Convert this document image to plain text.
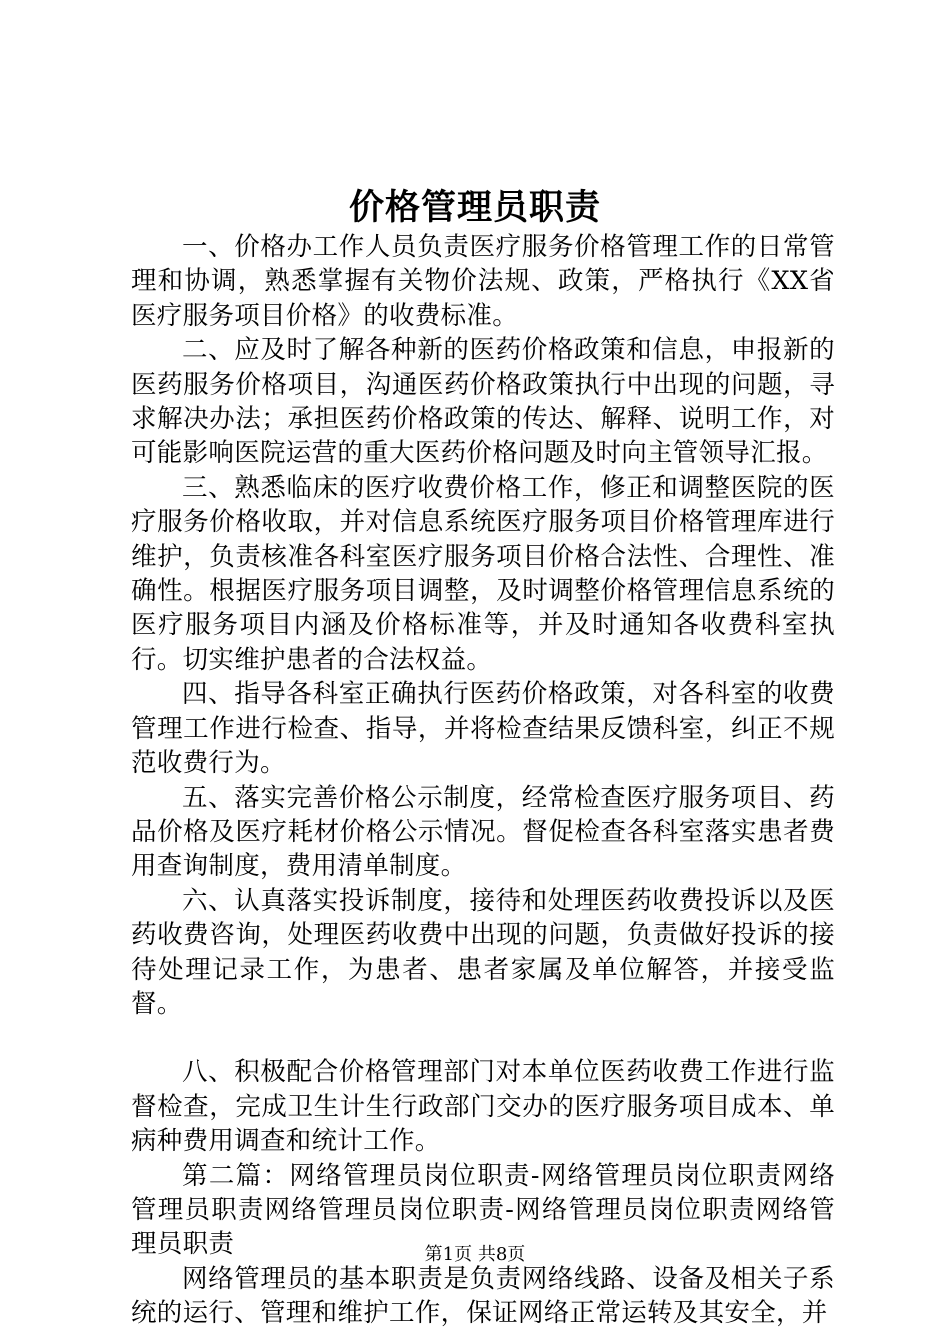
价格管理员职责

一、价格办工作人员负责医疗服务价格管理工作的日常管理和协调，熟悉掌握有关物价法规、政策，严格执行《XX省医疗服务项目价格》的收费标准。

二、应及时了解各种新的医药价格政策和信息，申报新的医药服务价格项目，沟通医药价格政策执行中出现的问题，寻求解决办法；承担医药价格政策的传达、解释、说明工作，对可能影响医院运营的重大医药价格问题及时向主管领导汇报。

三、熟悉临床的医疗收费价格工作，修正和调整医院的医疗服务价格收取，并对信息系统医疗服务项目价格管理库进行维护，负责核准各科室医疗服务项目价格合法性、合理性、准确性。根据医疗服务项目调整，及时调整价格管理信息系统的医疗服务项目内涵及价格标准等，并及时通知各收费科室执行。切实维护患者的合法权益。

四、指导各科室正确执行医药价格政策，对各科室的收费管理工作进行检查、指导，并将检查结果反馈科室，纠正不规范收费行为。

五、落实完善价格公示制度，经常检查医疗服务项目、药品价格及医疗耗材价格公示情况。督促检查各科室落实患者费用查询制度，费用清单制度。

六、认真落实投诉制度，接待和处理医药收费投诉以及医药收费咨询，处理医药收费中出现的问题，负责做好投诉的接待处理记录工作，为患者、患者家属及单位解答，并接受监督。

八、积极配合价格管理部门对本单位医药收费工作进行监督检查，完成卫生计生行政部门交办的医疗服务项目成本、单病种费用调查和统计工作。

第二篇：网络管理员岗位职责-网络管理员岗位职责网络管理员职责网络管理员岗位职责-网络管理员岗位职责网络管理员职责

网络管理员的基本职责是负责网络线路、设备及相关子系统的运行、管理和维护工作，保证网络正常运转及其安全，并

第1页 共8页
